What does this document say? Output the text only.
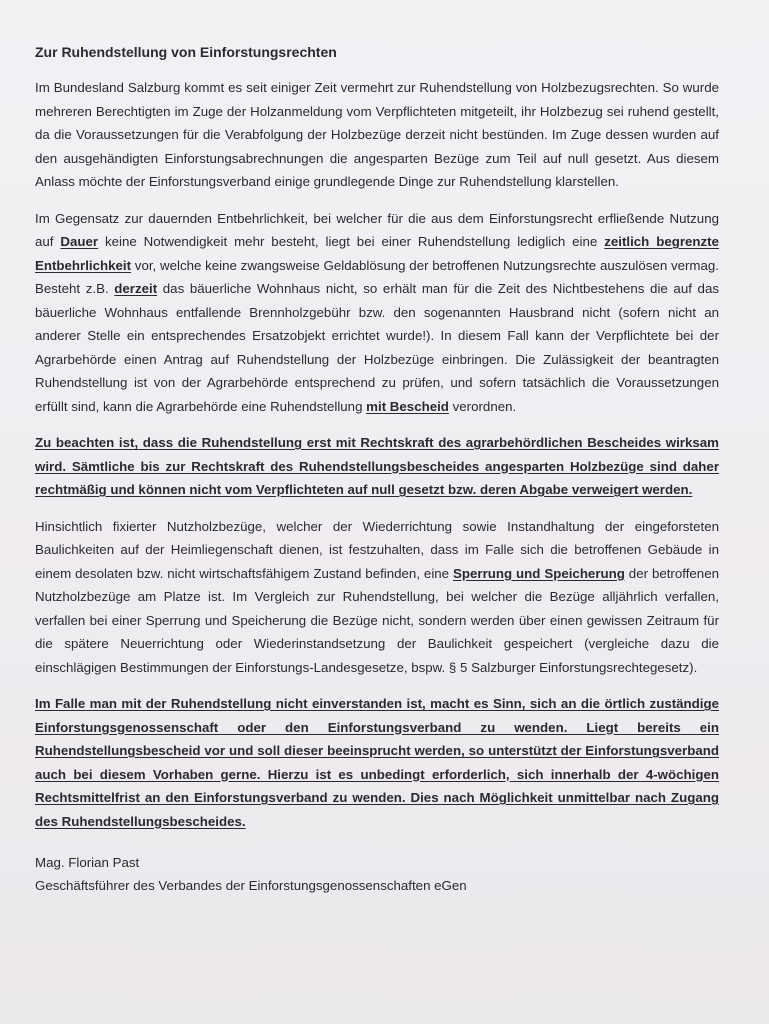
Zur Ruhendstellung von Einforstungsrechten

Im Bundesland Salzburg kommt es seit einiger Zeit vermehrt zur Ruhendstellung von Holzbezugsrechten. So wurde mehreren Berechtigten im Zuge der Holzanmeldung vom Verpflichteten mitgeteilt, ihr Holzbezug sei ruhend gestellt, da die Voraussetzungen für die Verabfolgung der Holzbezüge derzeit nicht bestünden. Im Zuge dessen wurden auf den ausgehändigten Einforstungsabrechnungen die angesparten Bezüge zum Teil auf null gesetzt. Aus diesem Anlass möchte der Einforstungsverband einige grundlegende Dinge zur Ruhendstellung klarstellen.

Im Gegensatz zur dauernden Entbehrlichkeit, bei welcher für die aus dem Einforstungsrecht erfließende Nutzung auf Dauer keine Notwendigkeit mehr besteht, liegt bei einer Ruhendstellung lediglich eine zeitlich begrenzte Entbehrlichkeit vor, welche keine zwangsweise Geldablösung der betroffenen Nutzungsrechte auszulösen vermag. Besteht z.B. derzeit das bäuerliche Wohnhaus nicht, so erhält man für die Zeit des Nichtbestehens die auf das bäuerliche Wohnhaus entfallende Brennholzgebühr bzw. den sogenannten Hausbrand nicht (sofern nicht an anderer Stelle ein entsprechendes Ersatzobjekt errichtet wurde!). In diesem Fall kann der Verpflichtete bei der Agrarbehörde einen Antrag auf Ruhendstellung der Holzbezüge einbringen. Die Zulässigkeit der beantragten Ruhendstellung ist von der Agrarbehörde entsprechend zu prüfen, und sofern tatsächlich die Voraussetzungen erfüllt sind, kann die Agrarbehörde eine Ruhendstellung mit Bescheid verordnen.

Zu beachten ist, dass die Ruhendstellung erst mit Rechtskraft des agrarbehördlichen Bescheides wirksam wird. Sämtliche bis zur Rechtskraft des Ruhendstellungsbescheides angesparten Holzbezüge sind daher rechtmäßig und können nicht vom Verpflichteten auf null gesetzt bzw. deren Abgabe verweigert werden.

Hinsichtlich fixierter Nutzholzbezüge, welcher der Wiederrichtung sowie Instandhaltung der eingeforsteten Baulichkeiten auf der Heimliegenschaft dienen, ist festzuhalten, dass im Falle sich die betroffenen Gebäude in einem desolaten bzw. nicht wirtschaftsfähigem Zustand befinden, eine Sperrung und Speicherung der betroffenen Nutzholzbezüge am Platze ist. Im Vergleich zur Ruhendstellung, bei welcher die Bezüge alljährlich verfallen, verfallen bei einer Sperrung und Speicherung die Bezüge nicht, sondern werden über einen gewissen Zeitraum für die spätere Neuerrichtung oder Wiederinstandsetzung der Baulichkeit gespeichert (vergleiche dazu die einschlägigen Bestimmungen der Einforstungs-Landesgesetze, bspw. § 5 Salzburger Einforstungsrechtegesetz).

Im Falle man mit der Ruhendstellung nicht einverstanden ist, macht es Sinn, sich an die örtlich zuständige Einforstungsgenossenschaft oder den Einforstungsverband zu wenden. Liegt bereits ein Ruhendstellungsbescheid vor und soll dieser beeinsprucht werden, so unterstützt der Einforstungsverband auch bei diesem Vorhaben gerne. Hierzu ist es unbedingt erforderlich, sich innerhalb der 4-wöchigen Rechtsmittelfrist an den Einforstungsverband zu wenden. Dies nach Möglichkeit unmittelbar nach Zugang des Ruhendstellungsbescheides.

Mag. Florian Past
Geschäftsführer des Verbandes der Einforstungsgenossenschaften eGen
